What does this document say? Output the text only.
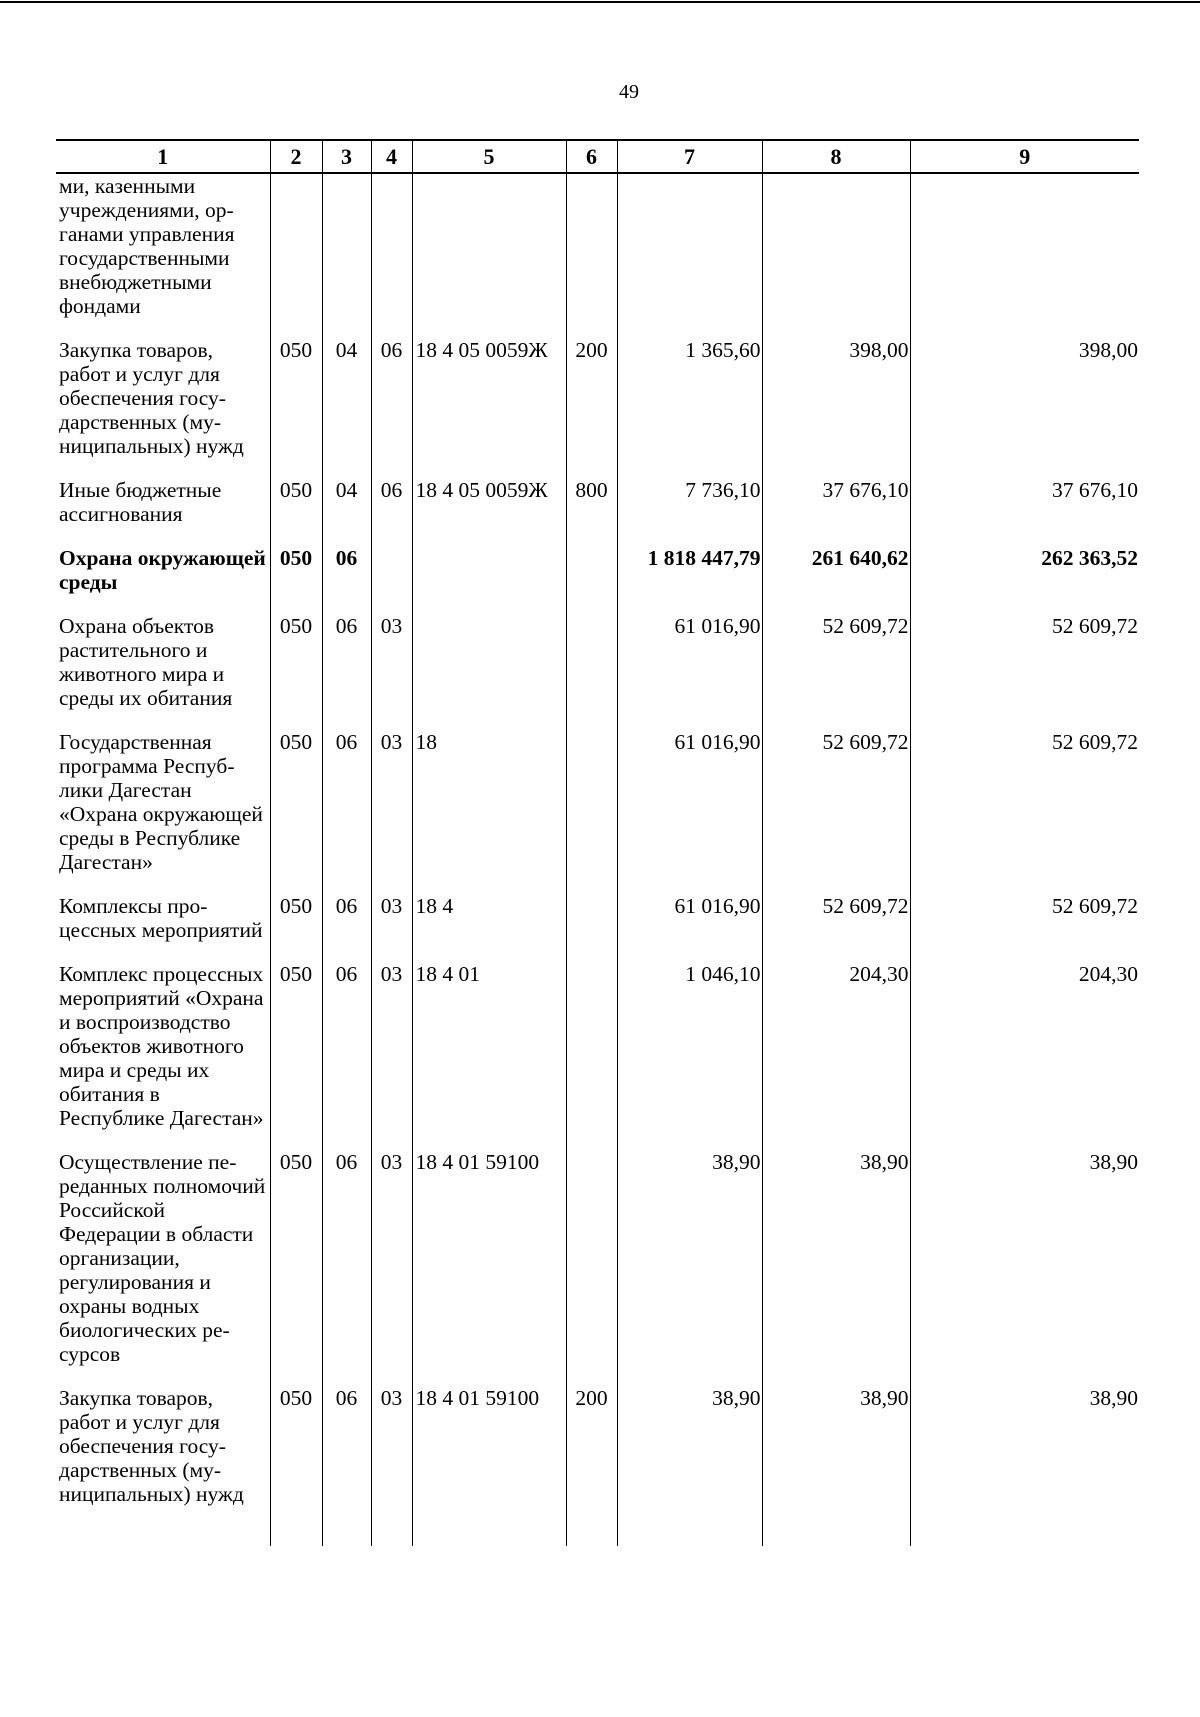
49
1	2	3	4	5	6	7	8	9
ми, казенными учреждениями, органами управления государственными внебюджетными фондами								
Закупка товаров, работ и услуг для обеспечения государственных (муниципальных) нужд	050	04	06	18 4 05 0059Ж	200	1 365,60	398,00	398,00
Иные бюджетные ассигнования	050	04	06	18 4 05 0059Ж	800	7 736,10	37 676,10	37 676,10
Охрана окружающей среды	050	06				1 818 447,79	261 640,62	262 363,52
Охрана объектов растительного и животного мира и среды их обитания	050	06	03			61 016,90	52 609,72	52 609,72
Государственная программа Республики Дагестан «Охрана окружающей среды в Республике Дагестан»	050	06	03	18		61 016,90	52 609,72	52 609,72
Комплексы процессных мероприятий	050	06	03	18 4		61 016,90	52 609,72	52 609,72
Комплекс процессных мероприятий «Охрана и воспроизводство объектов животного мира и среды их обитания в Республике Дагестан»	050	06	03	18 4 01		1 046,10	204,30	204,30
Осуществление переданных полномочий Российской Федерации в области организации, регулирования и охраны водных биологических ресурсов	050	06	03	18 4 01 59100		38,90	38,90	38,90
Закупка товаров, работ и услуг для обеспечения государственных (муниципальных) нужд	050	06	03	18 4 01 59100	200	38,90	38,90	38,90
